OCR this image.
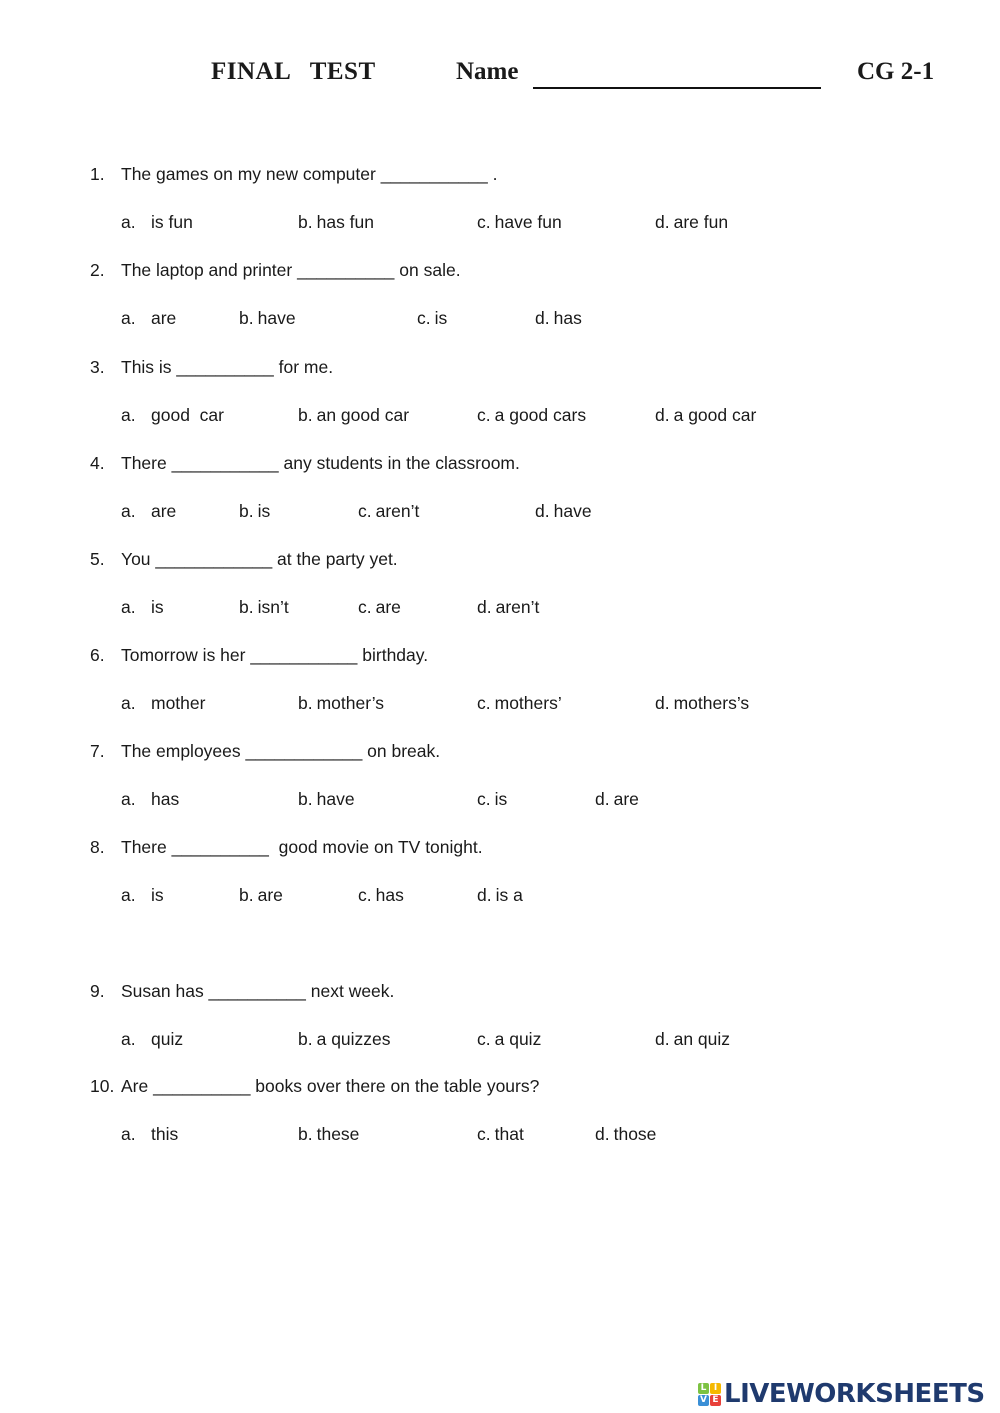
FINAL   TEST	Name	CG 2-1
1. The games on my new computer ___________ .
a. is fun	b. has fun	c. have fun	d. are fun
2. The laptop and printer __________ on sale.
a. are	b. have	c. is	d. has
3. This is __________ for me.
a. good  car	b. an good car	c. a good cars	d. a good car
4. There ___________ any students in the classroom.
a. are	b. is	c. aren’t	d. have
5. You ____________ at the party yet.
a. is	b. isn’t	c. are	d. aren’t
6. Tomorrow is her ___________ birthday.
a. mother	b. mother’s	c. mothers’	d. mothers’s
7. The employees ____________ on break.
a. has	b. have	c. is	d. are
8. There __________  good movie on TV tonight.
a. is	b. are	c. has	d. is a
9. Susan has __________ next week.
a. quiz	b. a quizzes	c. a quiz	d. an quiz
10. Are __________ books over there on the table yours?
a. this	b. these	c. that	d. those
L I
V E LIVEWORKSHEETS
